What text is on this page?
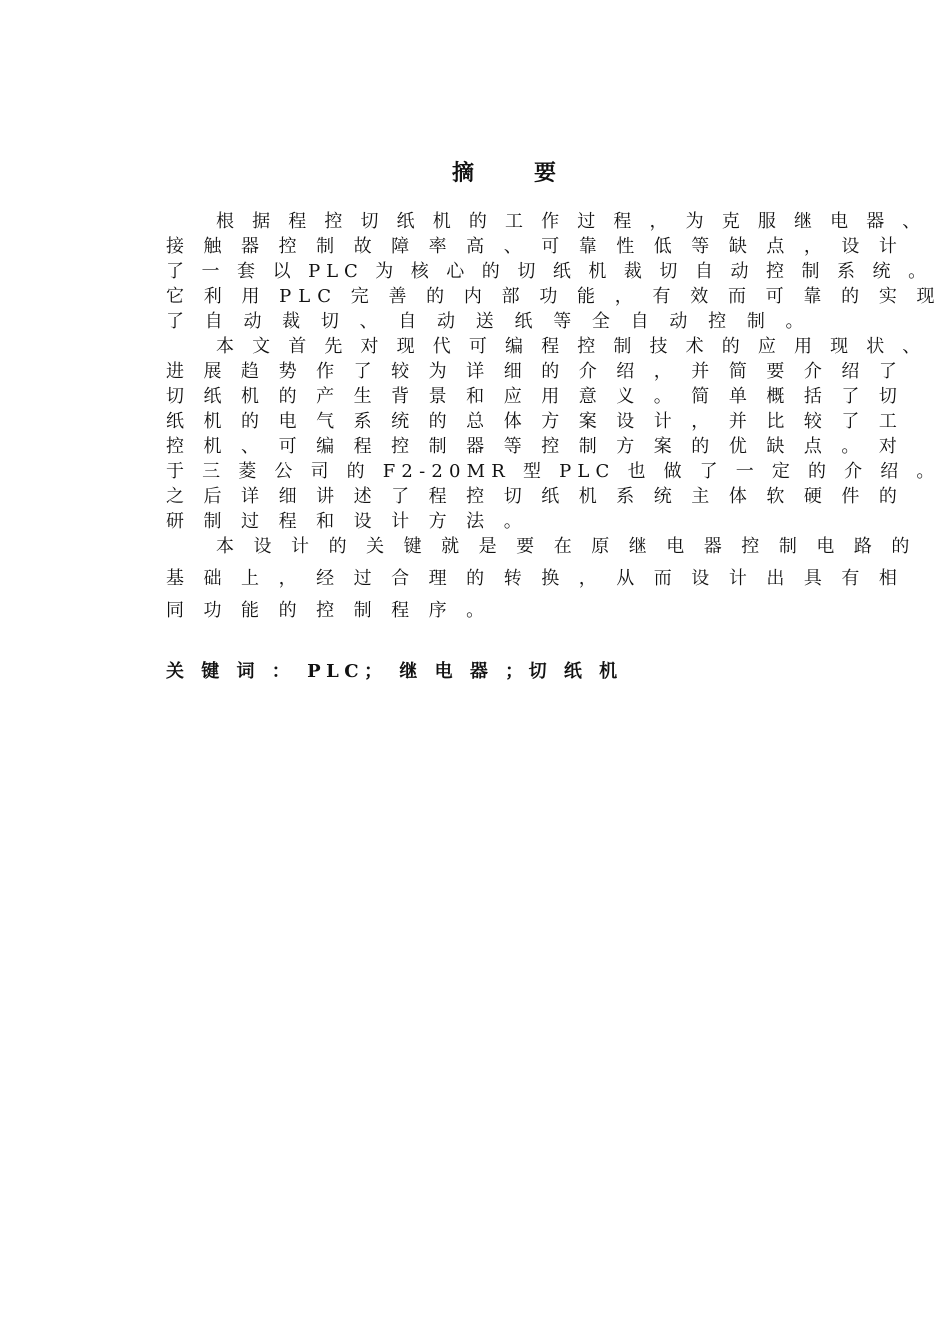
摘	要
根 据 程 控 切 纸 机 的 工 作 过 程 ， 为 克 服 继 电 器 、
接 触 器 控 制 故 障 率 高 、 可 靠 性 低 等 缺 点 ， 设 计
了 一 套 以 PLC 为 核 心 的 切 纸 机 裁 切 自 动 控 制 系 统 。
它 利 用 PLC 完 善 的 内 部 功 能 ， 有 效 而 可 靠 的 实 现
了 自 动 裁 切 、 自 动 送 纸 等 全 自 动 控 制 。
本 文 首 先 对 现 代 可 编 程 控 制 技 术 的 应 用 现 状 、
进 展 趋 势 作 了 较 为 详 细 的 介 绍 ， 并 简 要 介 绍 了
切 纸 机 的 产 生 背 景 和 应 用 意 义 。 简 单 概 括 了 切
纸 机 的 电 气 系 统 的 总 体 方 案 设 计 ， 并 比 较 了 工
控 机 、 可 编 程 控 制 器 等 控 制 方 案 的 优 缺 点 。 对
于 三 菱 公 司 的 F2-20MR 型 PLC 也 做 了 一 定 的 介 绍 。
之 后 详 细 讲 述 了 程 控 切 纸 机 系 统 主 体 软 硬 件 的
研 制 过 程 和 设 计 方 法 。
本 设 计 的 关 键 就 是 要 在 原 继 电 器 控 制 电 路 的
基 础 上 ， 经 过 合 理 的 转 换 ， 从 而 设 计 出 具 有 相
同 功 能 的 控 制 程 序 。
关 键 词 ： PLC； 继 电 器 ；切 纸 机
